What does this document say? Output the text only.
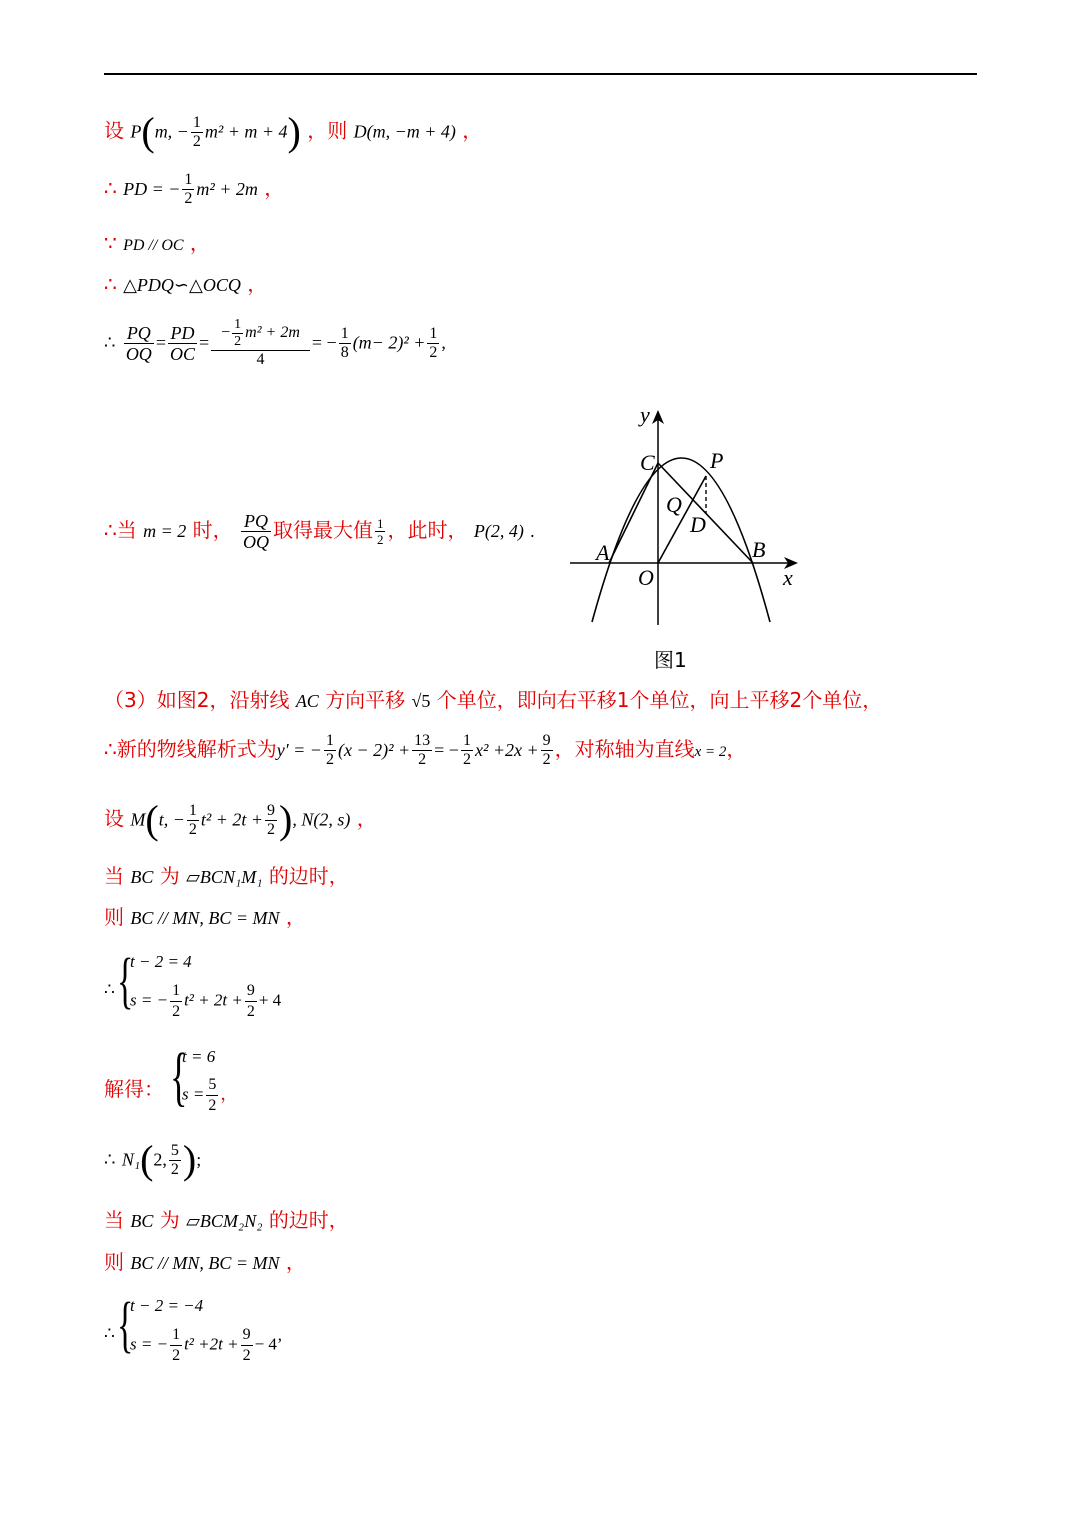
设 P(m, − $\frac{1}{2} m^2 + m + 4$) ，则 D(m, −m + 4) ，
∴ PD = − $\frac{1}{2} m^2 + 2m$ ，
∵ PD // OC ，
∴ △PDQ∽△OCQ ，
∴ $\frac{PQ}{OQ} = \frac{PD}{OC} = \frac{- \frac{1}{2} m^2 + 2m}{4}$ = − $\frac{1}{8} (m- 2)^2 + \frac{1}{2}$ ,
∴当 m = 2 时， $\frac{PQ}{OQ}$ 取得最大值 $\frac{1}{2}$ ，此时， P(2, 4) .
y
C	P
Q
D
A	B
O	x
图1
（3）如图2，沿射线 AC 方向平移 √5 个单位，即向右平移1个单位，向上平移2个单位，
∴新的物线解析式为y′ = − $\frac{1}{2} (x - 2)^2 + \frac{13}{2}$ = − $\frac{1}{2} x^2 +2x + \frac{9}{2}$ ，对称轴为直线x = 2，
设 M(t, − $\frac{1}{2} t^2 + 2t + \frac{9}{2}$ ), N(2, s) ，
当 BC 为 ▱BCN₁M₁ 的边时，
则 BC // MN, BC = MN ，
∴ {
t − 2 = 4
s = − $\frac{1}{2} t^2 + 2t + \frac{9}{2} + 4$
解得： {
t = 6
$s = \frac{5}{2}$ ，
∴ N₁(2, $\frac{5}{2}$ );
当 BC 为 ▱BCM₂N₂ 的边时，
则 BC // MN, BC = MN ，
∴ {
t − 2 = −4
s = − $\frac{1}{2} t^2 +2t + \frac{9}{2} - 4$’
